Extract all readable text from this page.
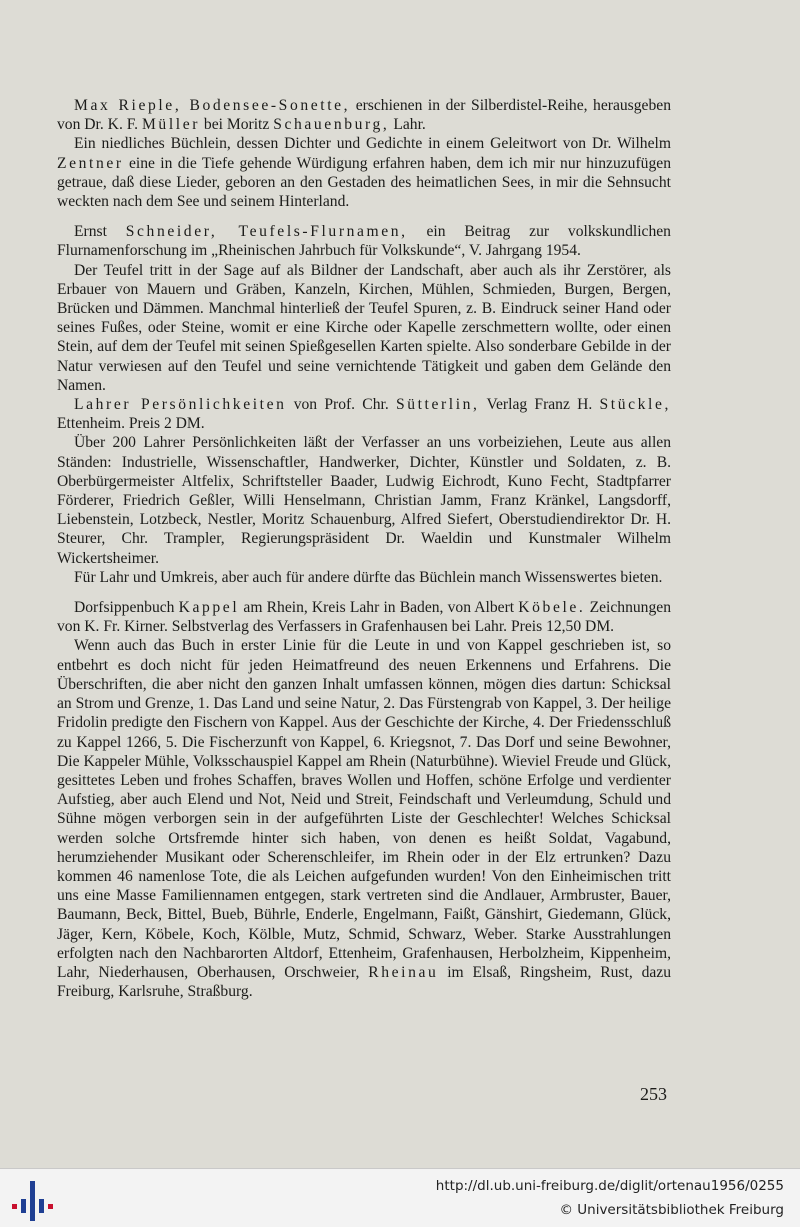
Max Rieple, Bodensee-Sonette, erschienen in der Silberdistel-Reihe, herausgeben von Dr. K. F. Müller bei Moritz Schauenburg, Lahr.

Ein niedliches Büchlein, dessen Dichter und Gedichte in einem Geleitwort von Dr. Wilhelm Zentner eine in die Tiefe gehende Würdigung erfahren haben, dem ich mir nur hinzuzufügen getraue, daß diese Lieder, geboren an den Gestaden des heimatlichen Sees, in mir die Sehnsucht weckten nach dem See und seinem Hinterland.

Ernst Schneider, Teufels-Flurnamen, ein Beitrag zur volkskundlichen Flurnamenforschung im „Rheinischen Jahrbuch für Volkskunde“, V. Jahrgang 1954.

Der Teufel tritt in der Sage auf als Bildner der Landschaft, aber auch als ihr Zerstörer, als Erbauer von Mauern und Gräben, Kanzeln, Kirchen, Mühlen, Schmieden, Burgen, Bergen, Brücken und Dämmen. Manchmal hinterließ der Teufel Spuren, z. B. Eindruck seiner Hand oder seines Fußes, oder Steine, womit er eine Kirche oder Kapelle zerschmettern wollte, oder einen Stein, auf dem der Teufel mit seinen Spießgesellen Karten spielte. Also sonderbare Gebilde in der Natur verwiesen auf den Teufel und seine vernichtende Tätigkeit und gaben dem Gelände den Namen.

Lahrer Persönlichkeiten von Prof. Chr. Sütterlin, Verlag Franz H. Stückle, Ettenheim. Preis 2 DM.

Über 200 Lahrer Persönlichkeiten läßt der Verfasser an uns vorbeiziehen, Leute aus allen Ständen: Industrielle, Wissenschaftler, Handwerker, Dichter, Künstler und Soldaten, z. B. Oberbürgermeister Altfelix, Schriftsteller Baader, Ludwig Eichrodt, Kuno Fecht, Stadtpfarrer Förderer, Friedrich Geßler, Willi Henselmann, Christian Jamm, Franz Kränkel, Langsdorff, Liebenstein, Lotzbeck, Nestler, Moritz Schauenburg, Alfred Siefert, Oberstudiendirektor Dr. H. Steurer, Chr. Trampler, Regierungspräsident Dr. Waeldin und Kunstmaler Wilhelm Wickertsheimer.

Für Lahr und Umkreis, aber auch für andere dürfte das Büchlein manch Wissenswertes bieten.

Dorfsippenbuch Kappel am Rhein, Kreis Lahr in Baden, von Albert Köbele. Zeichnungen von K. Fr. Kirner. Selbstverlag des Verfassers in Grafenhausen bei Lahr. Preis 12,50 DM.

Wenn auch das Buch in erster Linie für die Leute in und von Kappel geschrieben ist, so entbehrt es doch nicht für jeden Heimatfreund des neuen Erkennens und Erfahrens. Die Überschriften, die aber nicht den ganzen Inhalt umfassen können, mögen dies dartun: Schicksal an Strom und Grenze, 1. Das Land und seine Natur, 2. Das Fürstengrab von Kappel, 3. Der heilige Fridolin predigte den Fischern von Kappel. Aus der Geschichte der Kirche, 4. Der Friedensschluß zu Kappel 1266, 5. Die Fischerzunft von Kappel, 6. Kriegsnot, 7. Das Dorf und seine Bewohner, Die Kappeler Mühle, Volksschauspiel Kappel am Rhein (Naturbühne). Wieviel Freude und Glück, gesittetes Leben und frohes Schaffen, braves Wollen und Hoffen, schöne Erfolge und verdienter Aufstieg, aber auch Elend und Not, Neid und Streit, Feindschaft und Verleumdung, Schuld und Sühne mögen verborgen sein in der aufgeführten Liste der Geschlechter! Welches Schicksal werden solche Ortsfremde hinter sich haben, von denen es heißt Soldat, Vagabund, herumziehender Musikant oder Scherenschleifer, im Rhein oder in der Elz ertrunken? Dazu kommen 46 namenlose Tote, die als Leichen aufgefunden wurden! Von den Einheimischen tritt uns eine Masse Familiennamen entgegen, stark vertreten sind die Andlauer, Armbruster, Bauer, Baumann, Beck, Bittel, Bueb, Bührle, Enderle, Engelmann, Faißt, Gänshirt, Giedemann, Glück, Jäger, Kern, Köbele, Koch, Kölble, Mutz, Schmid, Schwarz, Weber. Starke Ausstrahlungen erfolgten nach den Nachbarorten Altdorf, Ettenheim, Grafenhausen, Herbolzheim, Kippenheim, Lahr, Niederhausen, Oberhausen, Orschweier, Rheinau im Elsaß, Ringsheim, Rust, dazu Freiburg, Karlsruhe, Straßburg.

253
http://dl.ub.uni-freiburg.de/diglit/ortenau1956/0255
© Universitätsbibliothek Freiburg
